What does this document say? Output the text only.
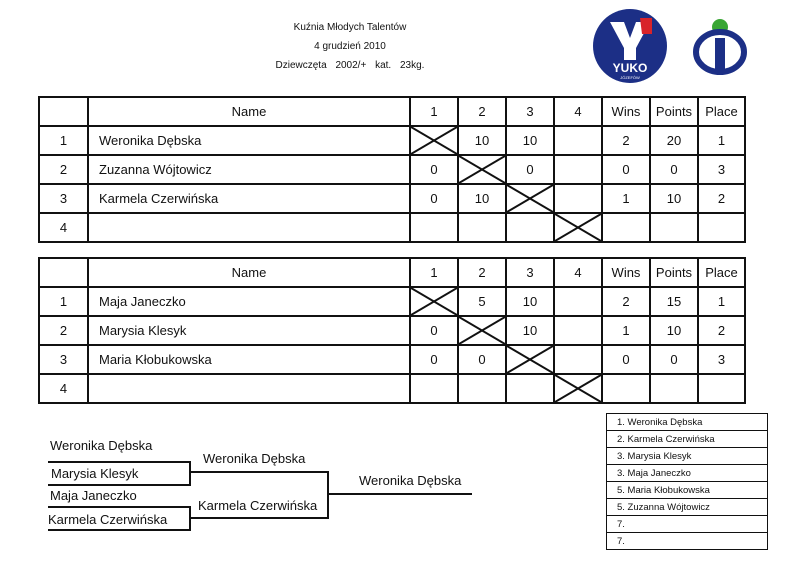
Kuźnia Młodych Talentów
4 grudzień 2010
Dziewczęta 2002/+ kat. 23kg.	YUKO
JÓZEFÓW
	Name	1	2	3	4	Wins	Points	Place
1	Weronika Dębska		10	10		2	20	1
2	Zuzanna Wójtowicz	0		0		0	0	3
3	Karmela Czerwińska	0	10			1	10	2
4					

	Name	1	2	3	4	Wins	Points	Place
1	Maja Janeczko		5	10		2	15	1
2	Marysia Klesyk	0		10		1	10	2
3	Maria Kłobukowska	0	0			0	0	3
4					

Weronika Dębska
Marysia Klesyk
Maja Janeczko
Karmela Czerwińska
Weronika Dębska
Karmela Czerwińska
Weronika Dębska
1. Weronika Dębska
2. Karmela Czerwińska
3. Marysia Klesyk
3. Maja Janeczko
5. Maria Kłobukowska
5. Zuzanna Wójtowicz
7.
7.
